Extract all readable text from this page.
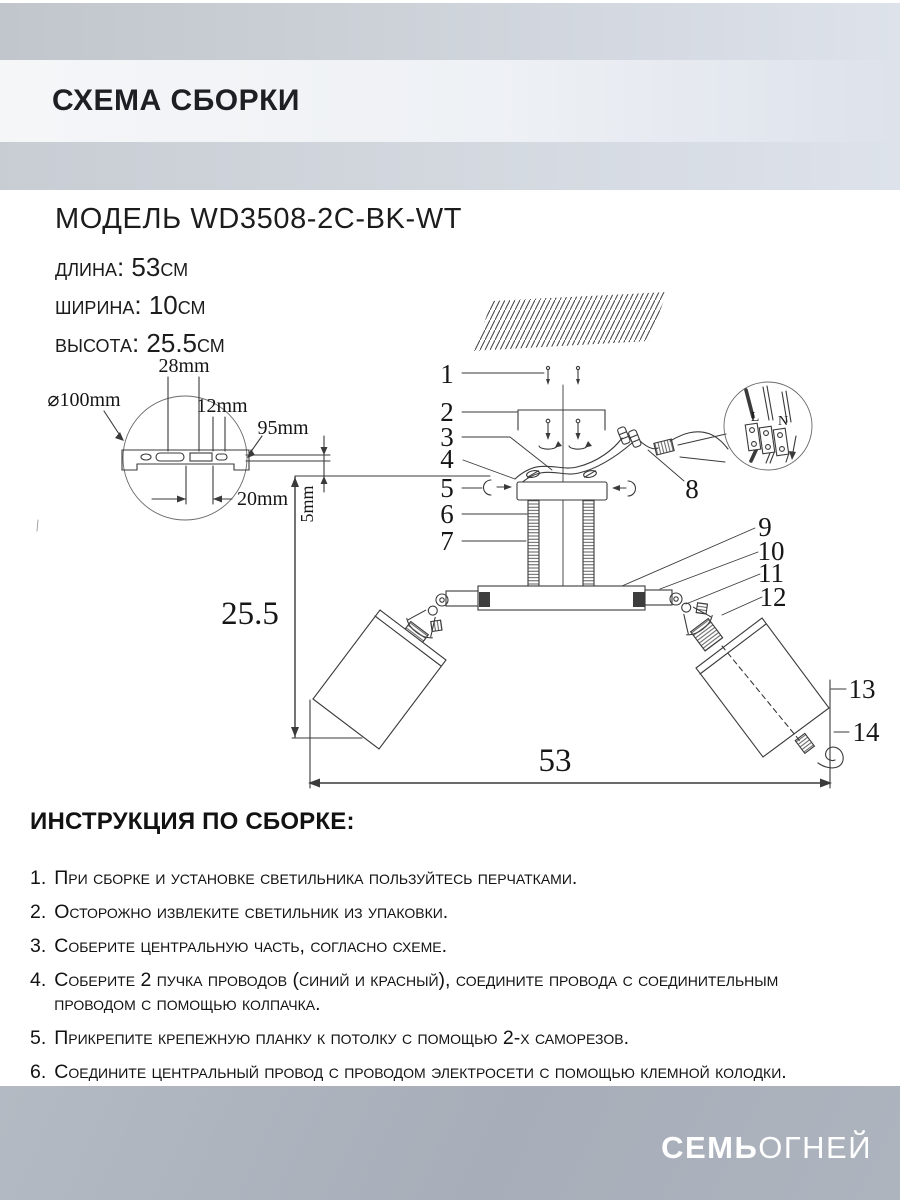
СХЕМА СБОРКИ
МОДЕЛЬ WD3508-2C-BK-WT
длина: 53см
ширина: 10см
высота: 25.5см
1
2
3
4
5
6
7
8
9
10
11
12
13
14
28mm
12mm
95mm
⌀100mm
20mm 5mm
25.5
53
L N
ИНСТРУКЦИЯ ПО СБОРКЕ:
1. При сборке и установке светильника пользуйтесь перчатками.
2. Осторожно извлеките светильник из упаковки.
3. Соберите центральную часть, согласно схеме.
4. Соберите 2 пучка проводов (синий и красный), соедините провода с соединительным
проводом с помощью колпачка.
5. Прикрепите крепежную планку к потолку с помощью 2-х саморезов.
6. Соедините центральный провод с проводом электросети с помощью клемной колодки.
СЕМЬОГНЕЙ
